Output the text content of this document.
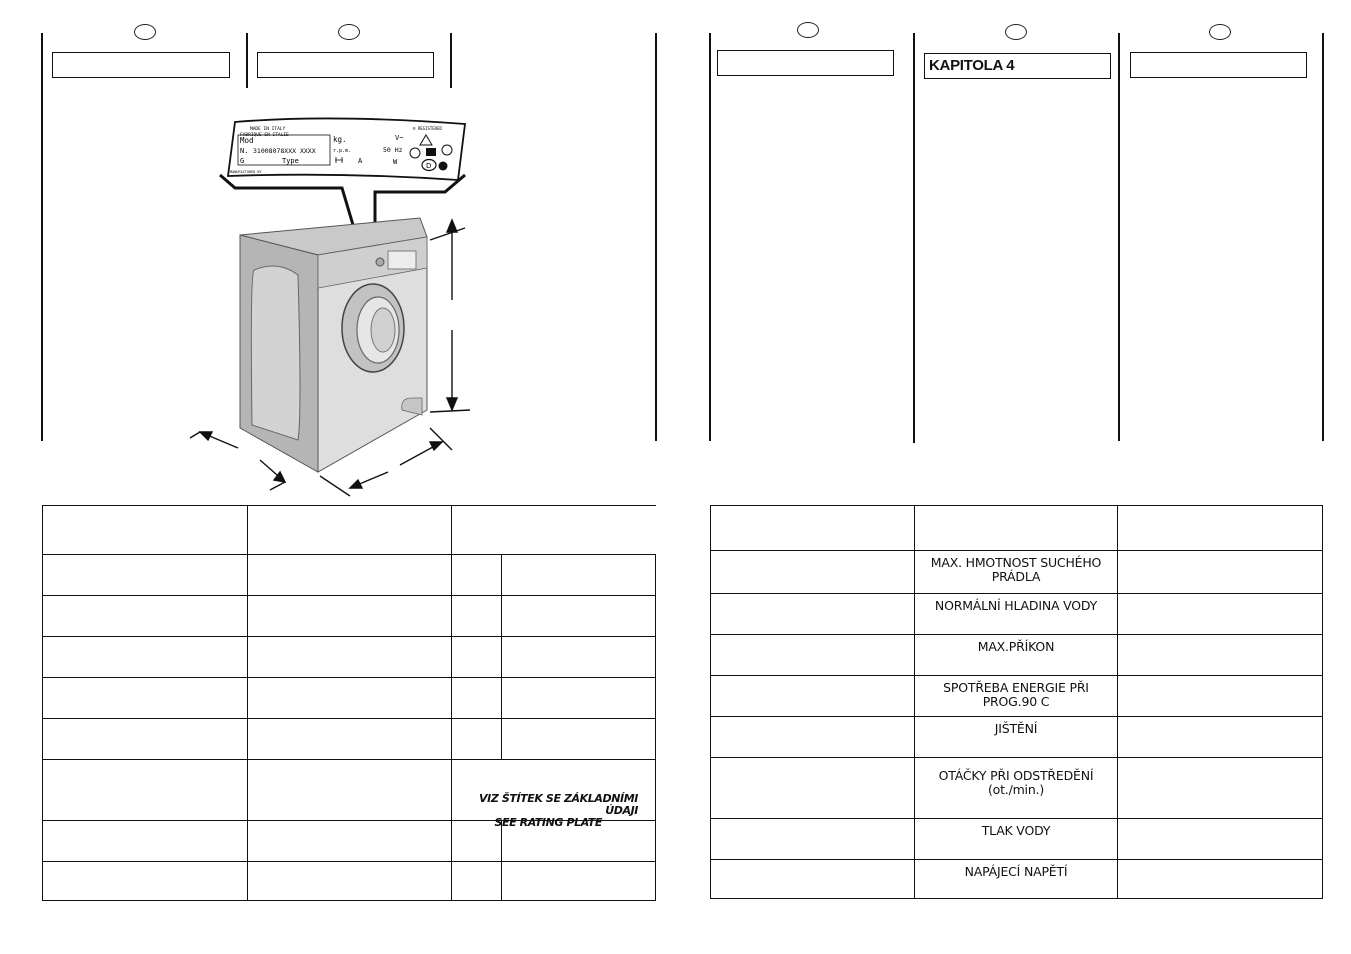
MADE IN ITALY
FABRIQUE EN ITALIE
Mod	kg.	V~
® REGISTERED
N. 31008078XXX XXXX	r.p.m.	50 Hz
G	Type	A	W	D
MANUFACTURED BY

VIZ ŠTÍTEK SE ZÁKLADNÍMI ÚDAJI
SEE RATING PLATE
KAPITOLA 4

	MAX. HMOTNOST SUCHÉHO PRÁDLA	

	NORMÁLNÍ HLADINA VODY	

	MAX.PŘÍKON	

	SPOTŘEBA ENERGIE PŘI PROG.90 C	

	JIŠTĚNÍ	

	OTÁČKY PŘI ODSTŘEDĚNÍ (ot./min.)	

	TLAK VODY	

	NAPÁJECÍ NAPĚTÍ	
